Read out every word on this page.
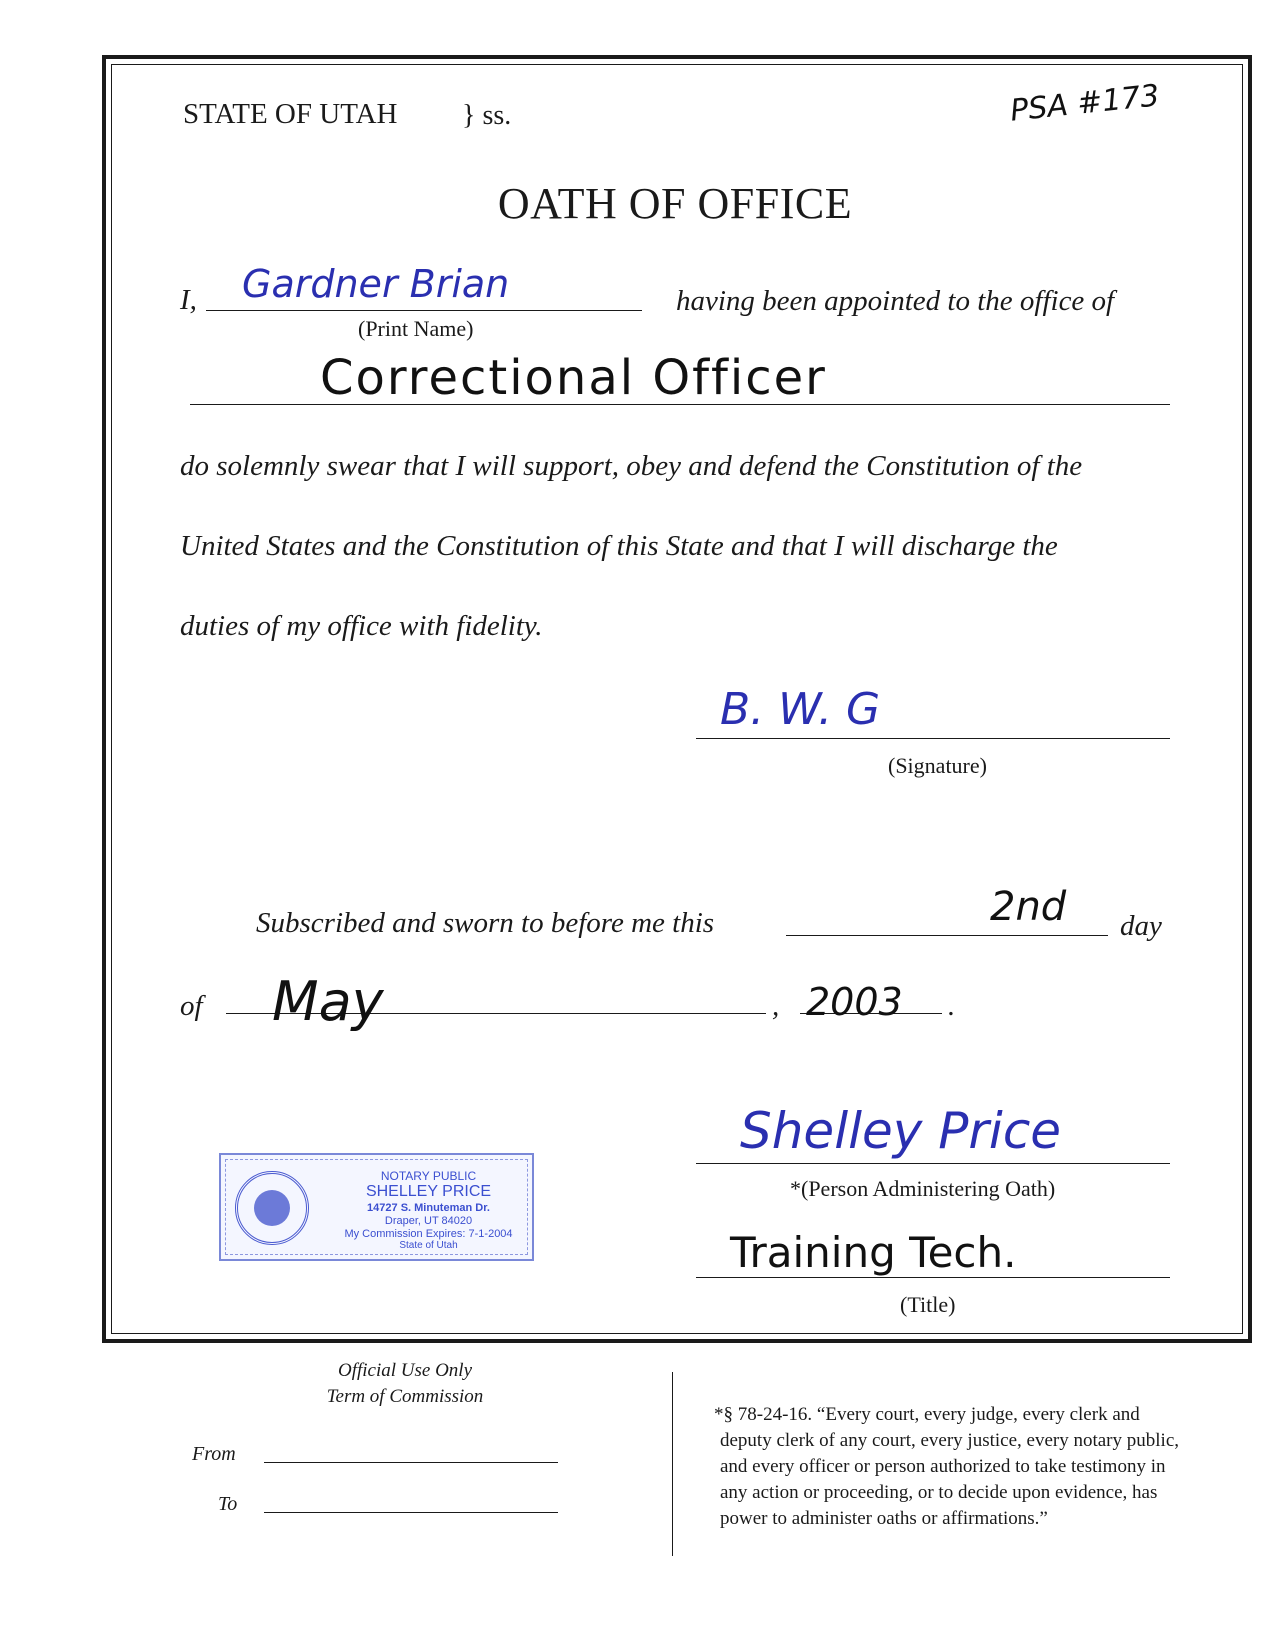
STATE OF UTAH } ss.	PSA #173
OATH OF OFFICE
I, Gardner Brian
(Print Name)
having been appointed to the office of
Correctional Officer
do solemnly swear that I will support, obey and defend the Constitution of the
United States and the Constitution of this State and that I will discharge the
duties of my office with fidelity.
B. W. G
(Signature)
Subscribed and sworn to before me this	2nd day
of May	, 2003 .
NOTARY PUBLIC
SHELLEY PRICE
14727 S. Minuteman Dr.
Draper, UT 84020
My Commission Expires: 7-1-2004
State of Utah
Shelley Price
*(Person Administering Oath)
Training Tech.
(Title)
Official Use Only
Term of Commission
From
To
*§ 78-24-16. “Every court, every judge, every clerk and
deputy clerk of any court, every justice, every notary public,
and every officer or person authorized to take testimony in
any action or proceeding, or to decide upon evidence, has
power to administer oaths or affirmations.”
